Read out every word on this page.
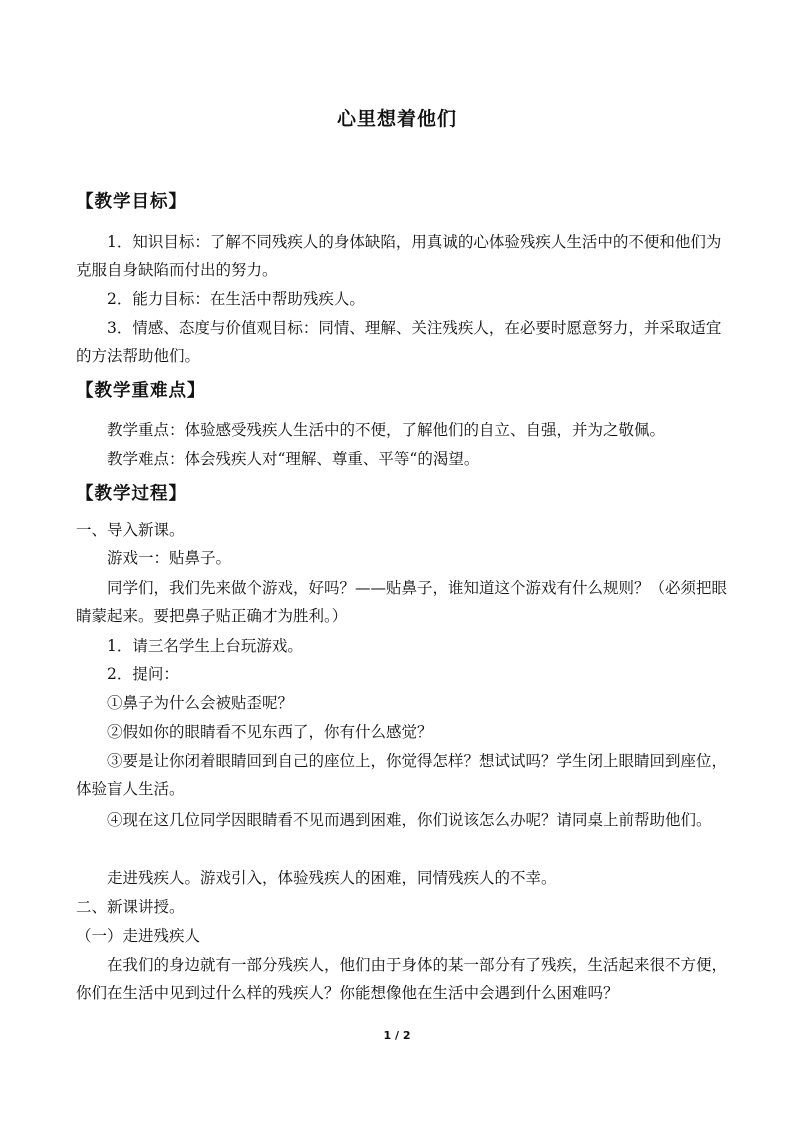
心里想着他们
【教学目标】
1．知识目标：了解不同残疾人的身体缺陷，用真诚的心体验残疾人生活中的不便和他们为克服自身缺陷而付出的努力。
2．能力目标：在生活中帮助残疾人。
3．情感、态度与价值观目标：同情、理解、关注残疾人，在必要时愿意努力，并采取适宜的方法帮助他们。
【教学重难点】
教学重点：体验感受残疾人生活中的不便，了解他们的自立、自强，并为之敬佩。
教学难点：体会残疾人对“理解、尊重、平等“的渴望。
【教学过程】
一、导入新课。
游戏一：贴鼻子。
同学们，我们先来做个游戏，好吗？——贴鼻子，谁知道这个游戏有什么规则？（必须把眼睛蒙起来。要把鼻子贴正确才为胜利。）
1．请三名学生上台玩游戏。
2．提问：
①鼻子为什么会被贴歪呢？
②假如你的眼睛看不见东西了，你有什么感觉？
③要是让你闭着眼睛回到自己的座位上，你觉得怎样？想试试吗？学生闭上眼睛回到座位，体验盲人生活。
④现在这几位同学因眼睛看不见而遇到困难，你们说该怎么办呢？请同桌上前帮助他们。
走进残疾人。游戏引入，体验残疾人的困难，同情残疾人的不幸。
二、新课讲授。
（一）走进残疾人
在我们的身边就有一部分残疾人，他们由于身体的某一部分有了残疾，生活起来很不方便，你们在生活中见到过什么样的残疾人？你能想像他在生活中会遇到什么困难吗？
1 / 2
